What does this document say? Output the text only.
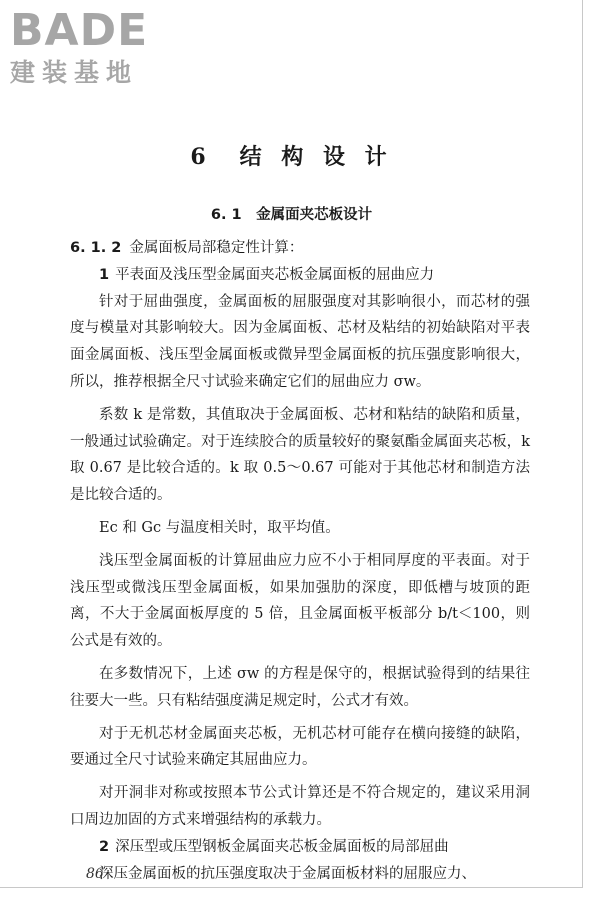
BADE
建装基地
6　结 构 设 计
6. 1　金属面夹芯板设计

6. 1. 2 金属面板局部稳定性计算：

1 平表面及浅压型金属面夹芯板金属面板的屈曲应力

针对于屈曲强度，金属面板的屈服强度对其影响很小，而芯材的强度与模量对其影响较大。因为金属面板、芯材及粘结的初始缺陷对平表面金属面板、浅压型金属面板或微异型金属面板的抗压强度影响很大，所以，推荐根据全尺寸试验来确定它们的屈曲应力 σw。

系数 k 是常数，其值取决于金属面板、芯材和粘结的缺陷和质量，一般通过试验确定。对于连续胶合的质量较好的聚氨酯金属面夹芯板，k 取 0.67 是比较合适的。k 取 0.5～0.67 可能对于其他芯材和制造方法是比较合适的。

Ec 和 Gc 与温度相关时，取平均值。

浅压型金属面板的计算屈曲应力应不小于相同厚度的平表面。对于浅压型或微浅压型金属面板，如果加强肋的深度，即低槽与坡顶的距离，不大于金属面板厚度的 5 倍，且金属面板平板部分 b/t＜100，则公式是有效的。

在多数情况下，上述 σw 的方程是保守的，根据试验得到的结果往往要大一些。只有粘结强度满足规定时，公式才有效。

对于无机芯材金属面夹芯板，无机芯材可能存在横向接缝的缺陷，要通过全尺寸试验来确定其屈曲应力。

对开洞非对称或按照本节公式计算还是不符合规定的，建议采用洞口周边加固的方式来增强结构的承载力。

2 深压型或压型钢板金属面夹芯板金属面板的局部屈曲

深压金属面板的抗压强度取决于金属面板材料的屈服应力、

86
